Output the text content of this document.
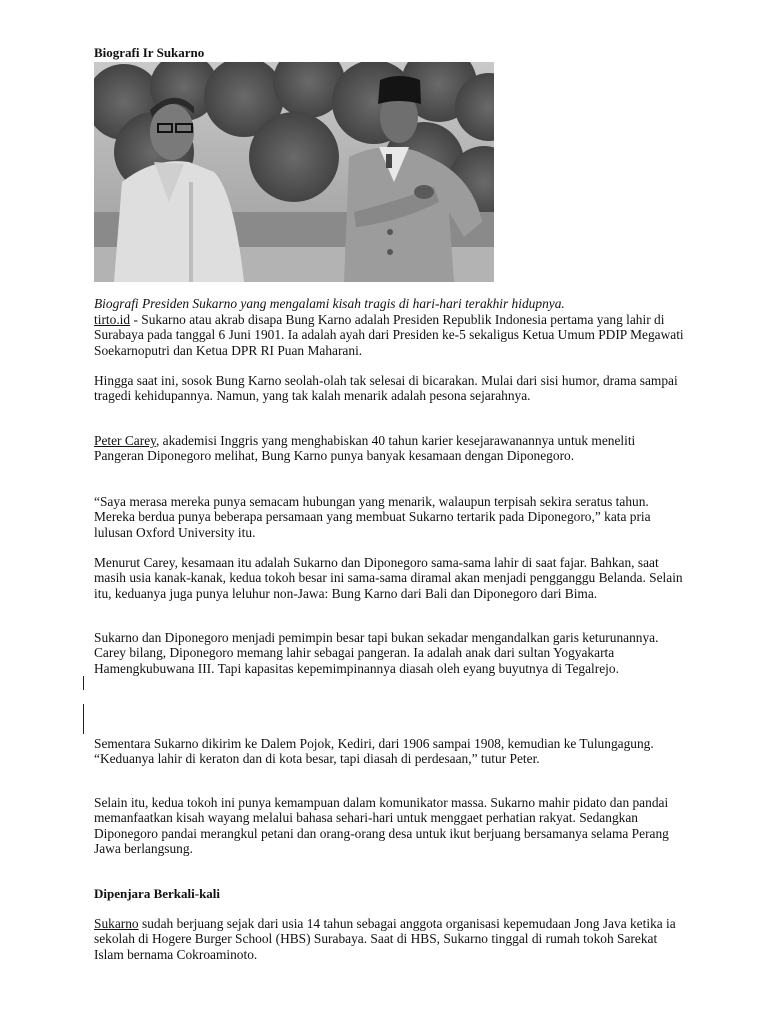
Biografi Ir Sukarno

Biografi Presiden Sukarno yang mengalami kisah tragis di hari-hari terakhir hidupnya.

tirto.id - Sukarno atau akrab disapa Bung Karno adalah Presiden Republik Indonesia pertama yang lahir di Surabaya pada tanggal 6 Juni 1901. Ia adalah ayah dari Presiden ke-5 sekaligus Ketua Umum PDIP Megawati Soekarnoputri dan Ketua DPR RI Puan Maharani.

Hingga saat ini, sosok Bung Karno seolah-olah tak selesai di bicarakan. Mulai dari sisi humor, drama sampai tragedi kehidupannya. Namun, yang tak kalah menarik adalah pesona sejarahnya.

Peter Carey, akademisi Inggris yang menghabiskan 40 tahun karier kesejarawanannya untuk meneliti Pangeran Diponegoro melihat, Bung Karno punya banyak kesamaan dengan Diponegoro.

“Saya merasa mereka punya semacam hubungan yang menarik, walaupun terpisah sekira seratus tahun. Mereka berdua punya beberapa persamaan yang membuat Sukarno tertarik pada Diponegoro,” kata pria lulusan Oxford University itu.

Menurut Carey, kesamaan itu adalah Sukarno dan Diponegoro sama-sama lahir di saat fajar. Bahkan, saat masih usia kanak-kanak, kedua tokoh besar ini sama-sama diramal akan menjadi pengganggu Belanda. Selain itu, keduanya juga punya leluhur non-Jawa: Bung Karno dari Bali dan Diponegoro dari Bima.

Sukarno dan Diponegoro menjadi pemimpin besar tapi bukan sekadar mengandalkan garis keturunannya. Carey bilang, Diponegoro memang lahir sebagai pangeran. Ia adalah anak dari sultan Yogyakarta Hamengkubuwana III. Tapi kapasitas kepemimpinannya diasah oleh eyang buyutnya di Tegalrejo.

Sementara Sukarno dikirim ke Dalem Pojok, Kediri, dari 1906 sampai 1908, kemudian ke Tulungagung. “Keduanya lahir di keraton dan di kota besar, tapi diasah di perdesaan,” tutur Peter.

Selain itu, kedua tokoh ini punya kemampuan dalam komunikator massa. Sukarno mahir pidato dan pandai memanfaatkan kisah wayang melalui bahasa sehari-hari untuk menggaet perhatian rakyat. Sedangkan Diponegoro pandai merangkul petani dan orang-orang desa untuk ikut berjuang bersamanya selama Perang Jawa berlangsung.

Dipenjara Berkali-kali

Sukarno sudah berjuang sejak dari usia 14 tahun sebagai anggota organisasi kepemudaan Jong Java ketika ia sekolah di Hogere Burger School (HBS) Surabaya. Saat di HBS, Sukarno tinggal di rumah tokoh Sarekat Islam bernama Cokroaminoto.
